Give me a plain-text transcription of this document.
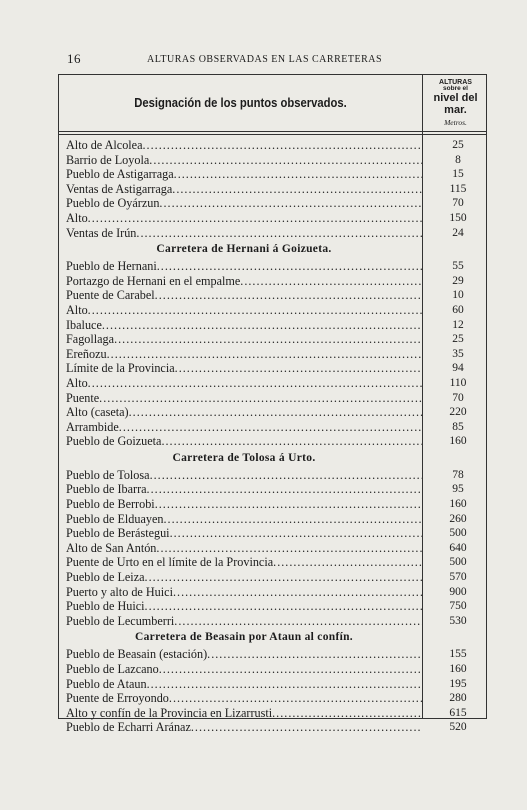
16	ALTURAS OBSERVADAS EN LAS CARRETERAS
Designación de los puntos observados.
ALTURAS
sobre el
nivel del mar.
Metros.
Alto de Alcolea .....	25
Barrio de Loyola .....	8
Pueblo de Astigarraga .....	15
Ventas de Astigarraga .....	115
Pueblo de Oyárzun .....	70
Alto .....	150
Ventas de Irún .....	24
Carretera de Hernani á Goizueta.
Pueblo de Hernani .....	55
Portazgo de Hernani en el empalme .....	29
Puente de Carabel .....	10
Alto .....	60
Ibaluce .....	12
Fagollaga .....	25
Ereñozu .....	35
Límite de la Provincia .....	94
Alto .....	110
Puente .....	70
Alto (caseta) .....	220
Arrambide .....	85
Pueblo de Goizueta .....	160
Carretera de Tolosa á Urto.
Pueblo de Tolosa .....	78
Pueblo de Ibarra .....	95
Pueblo de Berrobi .....	160
Pueblo de Elduayen .....	260
Pueblo de Berástegui .....	500
Alto de San Antón .....	640
Puente de Urto en el límite de la Provincia .....	500
Pueblo de Leiza .....	570
Puerto y alto de Huici .....	900
Pueblo de Huici .....	750
Pueblo de Lecumberri .....	530
Carretera de Beasain por Ataun al confín.
Pueblo de Beasain (estación) .....	155
Pueblo de Lazcano .....	160
Pueblo de Ataun .....	195
Puente de Erroyondo .....	280
Alto y confín de la Provincia en Lizarrusti .....	615
Pueblo de Echarri Aránaz .....	520
